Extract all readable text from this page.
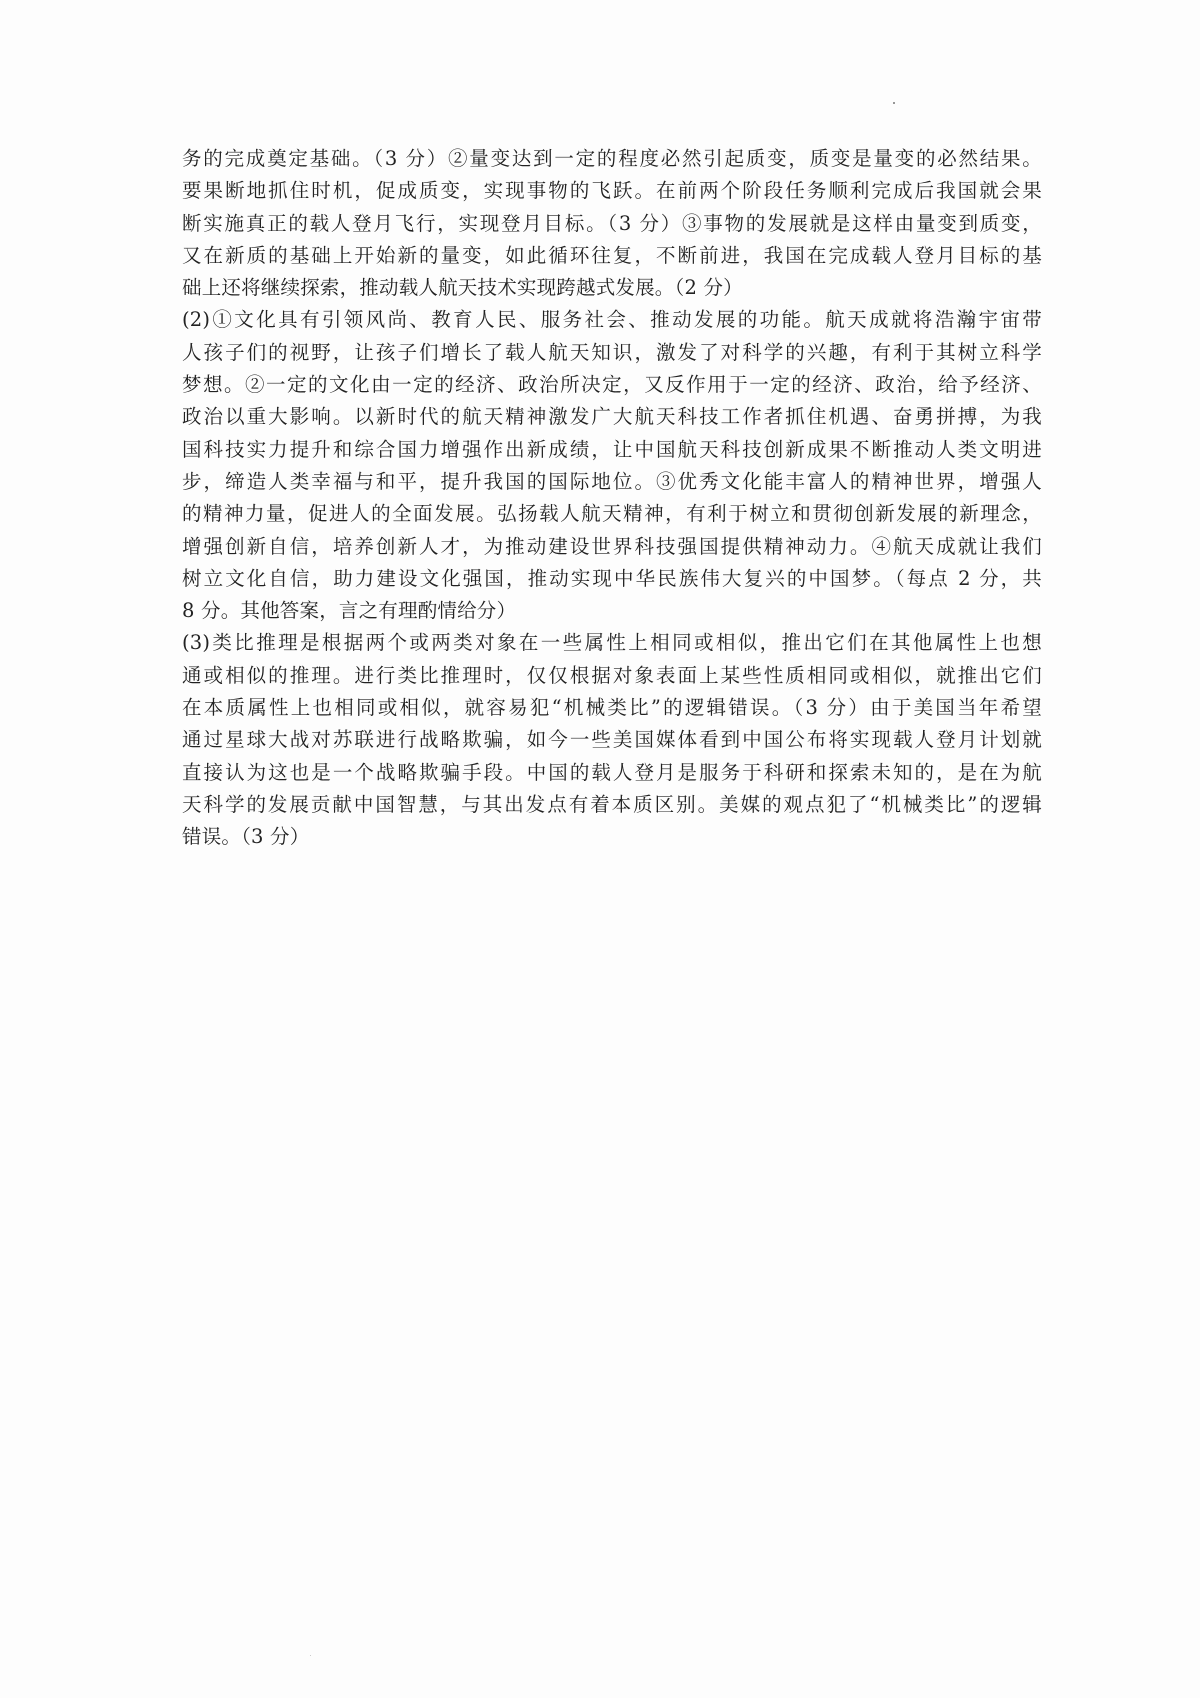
务的完成奠定基础。（3 分）②量变达到一定的程度必然引起质变，质变是量变的必然结果。
要果断地抓住时机，促成质变，实现事物的飞跃。在前两个阶段任务顺利完成后我国就会果
断实施真正的载人登月飞行，实现登月目标。（3 分）③事物的发展就是这样由量变到质变，
又在新质的基础上开始新的量变，如此循环往复，不断前进，我国在完成载人登月目标的基
础上还将继续探索，推动载人航天技术实现跨越式发展。（2 分）
(2)①文化具有引领风尚、教育人民、服务社会、推动发展的功能。航天成就将浩瀚宇宙带
人孩子们的视野，让孩子们增长了载人航天知识，激发了对科学的兴趣，有利于其树立科学
梦想。②一定的文化由一定的经济、政治所决定，又反作用于一定的经济、政治，给予经济、
政治以重大影响。以新时代的航天精神激发广大航天科技工作者抓住机遇、奋勇拼搏，为我
国科技实力提升和综合国力增强作出新成绩，让中国航天科技创新成果不断推动人类文明进
步，缔造人类幸福与和平，提升我国的国际地位。③优秀文化能丰富人的精神世界，增强人
的精神力量，促进人的全面发展。弘扬载人航天精神，有利于树立和贯彻创新发展的新理念，
增强创新自信，培养创新人才，为推动建设世界科技强国提供精神动力。④航天成就让我们
树立文化自信，助力建设文化强国，推动实现中华民族伟大复兴的中国梦。（每点 2 分，共
8 分。其他答案，言之有理酌情给分）
(3)类比推理是根据两个或两类对象在一些属性上相同或相似，推出它们在其他属性上也想
通或相似的推理。进行类比推理时，仅仅根据对象表面上某些性质相同或相似，就推出它们
在本质属性上也相同或相似，就容易犯“机械类比”的逻辑错误。（3 分）由于美国当年希望
通过星球大战对苏联进行战略欺骗，如今一些美国媒体看到中国公布将实现载人登月计划就
直接认为这也是一个战略欺骗手段。中国的载人登月是服务于科研和探索未知的，是在为航
天科学的发展贡献中国智慧，与其出发点有着本质区别。美媒的观点犯了“机械类比”的逻辑
错误。（3 分）
